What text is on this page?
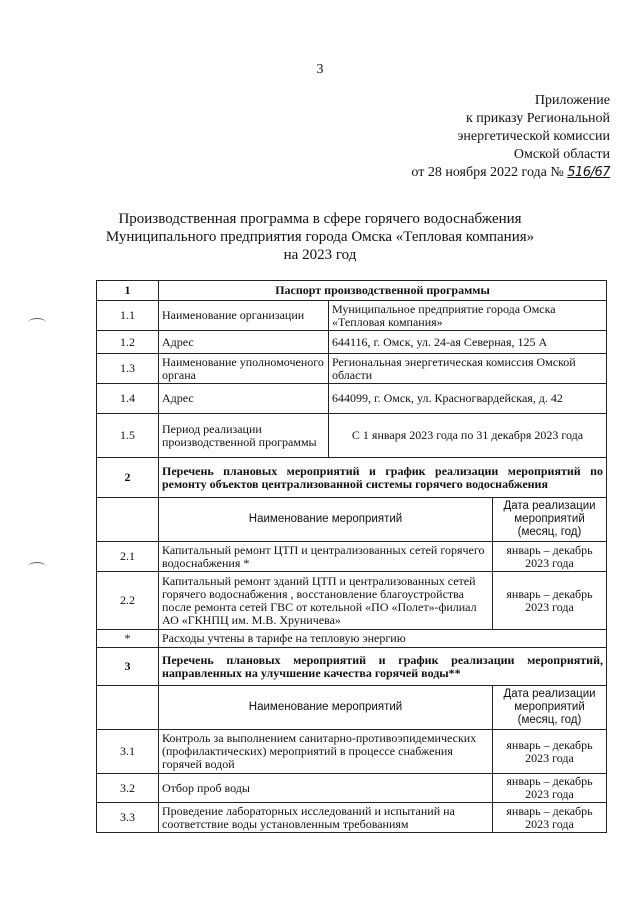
3
Приложение
к приказу Региональной
энергетической комиссии
Омской области
от 28 ноября 2022 года № 516/67
Производственная программа в сфере горячего водоснабжения
Муниципального предприятия города Омска «Тепловая компания»
на 2023 год
1	Паспорт производственной программы		
1.1	Наименование организации	Муниципальное предприятие города Омска «Тепловая компания»	
1.2	Адрес	644116, г. Омск, ул. 24-ая Северная, 125 А	
1.3	Наименование уполномоченого органа	Региональная энергетическая комиссия Омской области	
1.4	Адрес	644099, г. Омск, ул. Красногвардейская, д. 42	
1.5	Период реализации производственной программы	С 1 января 2023 года по 31 декабря 2023 года	
2	Перечень плановых мероприятий и график реализации мероприятий по ремонту объектов централизованной системы горячего водоснабжения		
	Наименование мероприятий		Дата реализации мероприятий (месяц, год)
2.1	Капитальный ремонт ЦТП и централизованных сетей горячего водоснабжения *		январь – декабрь 2023 года
2.2	Капитальный ремонт зданий ЦТП и централизованных сетей горячего водоснабжения , восстановление благоустройства после ремонта сетей ГВС от котельной «ПО «Полет»-филиал АО «ГКНПЦ им. М.В. Хруничева»		январь – декабрь 2023 года
*	Расходы учтены в тарифе на тепловую энергию		
3	Перечень плановых мероприятий и график реализации мероприятий, направленных на улучшение качества горячей воды**		
	Наименование мероприятий		Дата реализации мероприятий (месяц, год)
3.1	Контроль за выполнением санитарно-противоэпидемических (профилактических) мероприятий в процессе снабжения горячей водой		январь – декабрь 2023 года
3.2	Отбор проб воды		январь – декабрь 2023 года
3.3	Проведение лабораторных исследований и испытаний на соответствие воды установленным требованиям		январь – декабрь 2023 года
